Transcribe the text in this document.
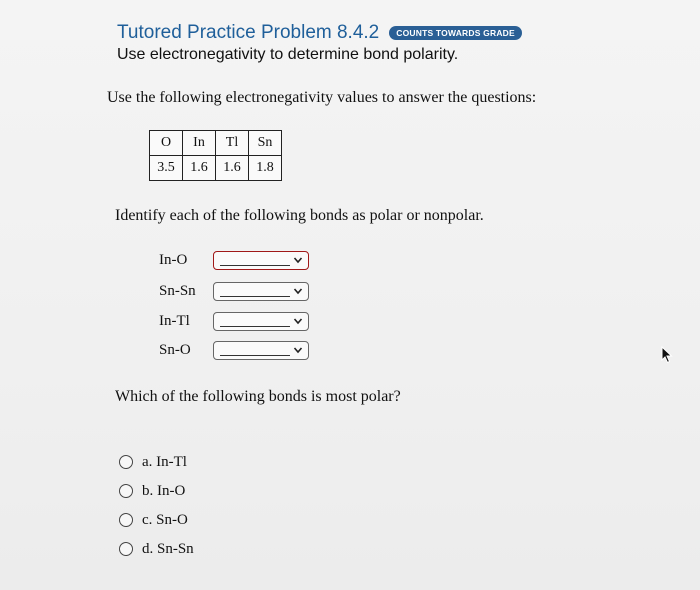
Tutored Practice Problem 8.4.2	COUNTS TOWARDS GRADE
Use electronegativity to determine bond polarity.
Use the following electronegativity values to answer the questions:
O	In	Tl	Sn
3.5	1.6	1.6	1.8
Identify each of the following bonds as polar or nonpolar.
In-O
Sn-Sn
In-Tl
Sn-O
Which of the following bonds is most polar?
a. In-Tl
b. In-O
c. Sn-O
d. Sn-Sn
